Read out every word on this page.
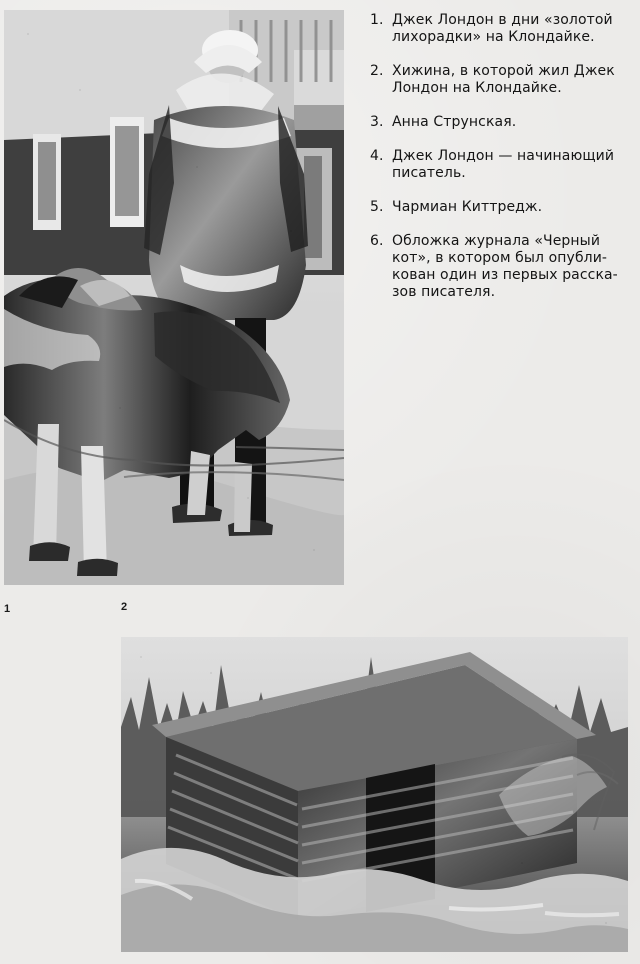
1. Джек Лондон в дни «золотой
лихорадки» на Клондайке.
2. Хижина, в которой жил Джек
Лондон на Клондайке.
3. Анна Струнская.
4. Джек Лондон — начинающий
писатель.
5. Чармиан Киттредж.
6. Обложка журнала «Черный
кот», в котором был опубли-
кован один из первых расска-
зов писателя.
1	2
